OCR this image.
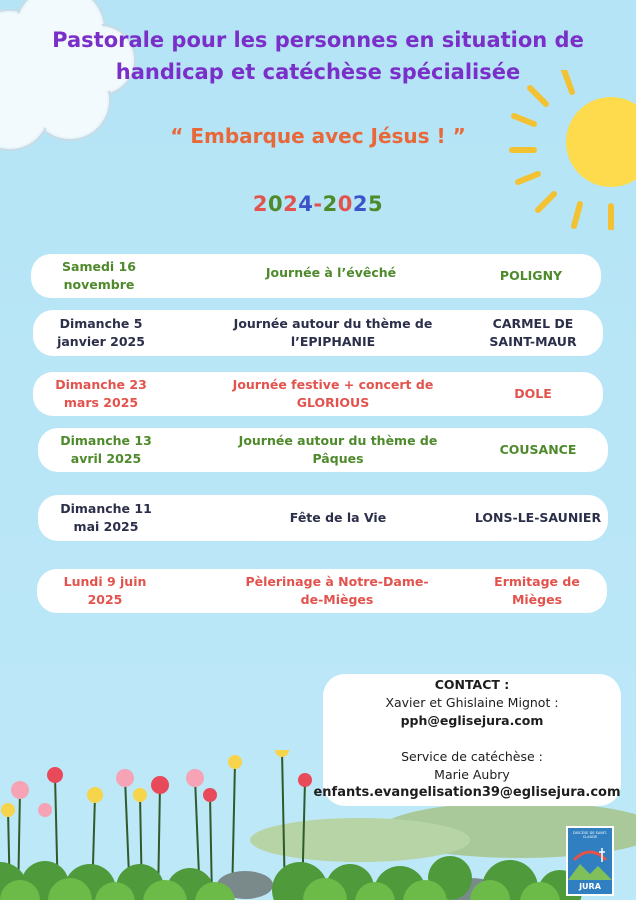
Pastorale pour les personnes en situation de
handicap et catéchèse spécialisée
“ Embarque avec Jésus ! ”
2024-2025
Samedi 16
novembre
Journée à l’évêché	POLIGNY
Dimanche 5
janvier 2025
Journée autour du thème de
l’EPIPHANIE
CARMEL DE
SAINT-MAUR
Dimanche 23
mars 2025
Journée festive + concert de
GLORIOUS
DOLE
Dimanche 13
avril 2025
Journée autour du thème de
Pâques
COUSANCE
Dimanche 11
mai 2025
Fête de la Vie	LONS-LE-SAUNIER
Lundi 9 juin
2025
Pèlerinage à Notre-Dame-
de-Mièges
Ermitage de
Mièges
CONTACT :
Xavier et Ghislaine Mignot :
pph@eglisejura.com
Service de catéchèse :
Marie Aubry
enfants.evangelisation39@eglisejura.com
DIOCESE DE SAINT-CLAUDE
JURA
